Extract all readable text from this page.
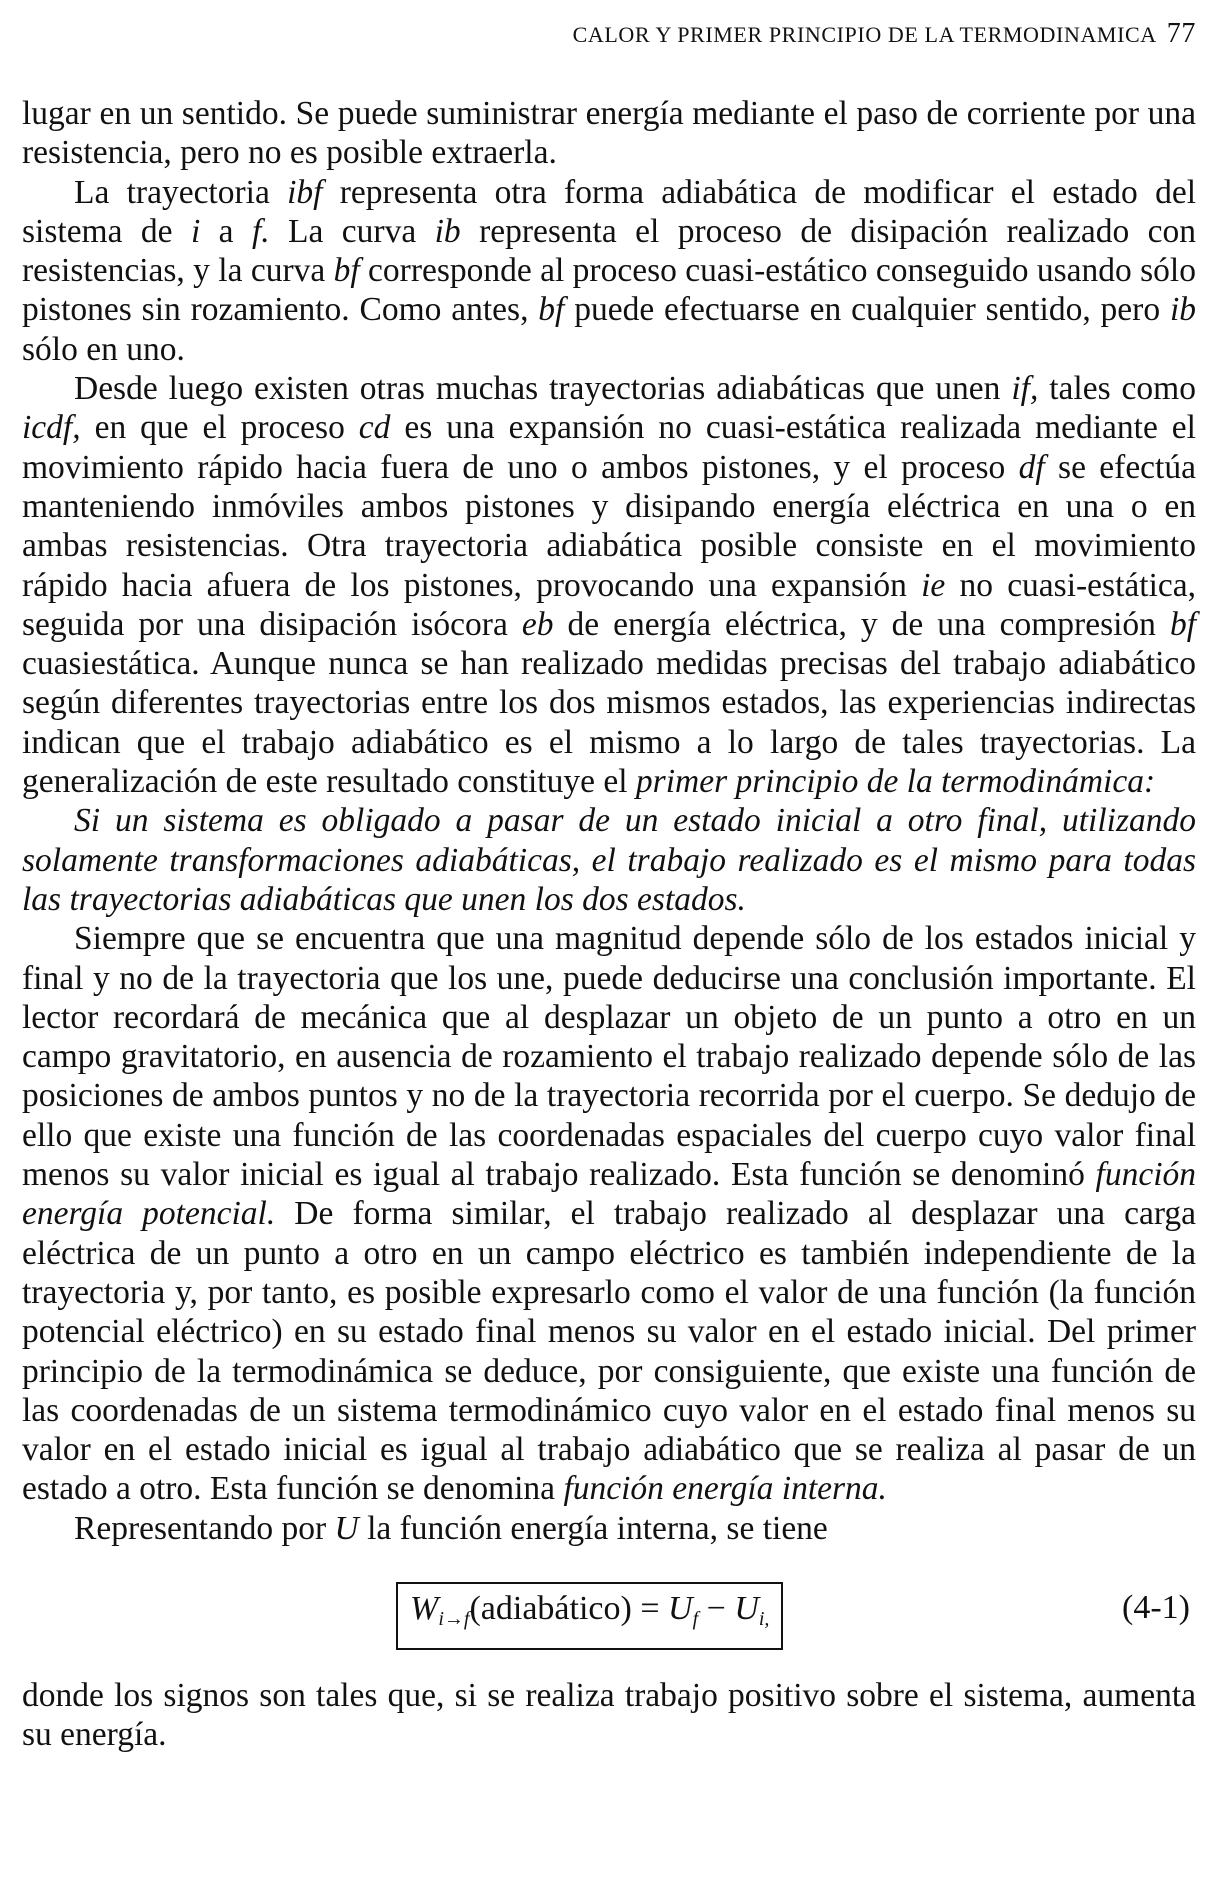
CALOR Y PRIMER PRINCIPIO DE LA TERMODINAMICA 77

lugar en un sentido. Se puede suministrar energía mediante el paso de corriente por una resistencia, pero no es posible extraerla.

La trayectoria ibf representa otra forma adiabática de modificar el estado del sistema de i a f. La curva ib representa el proceso de disipación realizado con resistencias, y la curva bf corresponde al proceso cuasi-estático conseguido usando sólo pistones sin rozamiento. Como antes, bf puede efectuarse en cualquier sentido, pero ib sólo en uno.

Desde luego existen otras muchas trayectorias adiabáticas que unen if, tales como icdf, en que el proceso cd es una expansión no cuasi-estática realizada mediante el movimiento rápido hacia fuera de uno o ambos pistones, y el proceso df se efectúa manteniendo inmóviles ambos pistones y disipando energía eléctrica en una o en ambas resistencias. Otra trayectoria adiabática posible consiste en el movimiento rápido hacia afuera de los pistones, provocando una expansión ie no cuasi-estática, seguida por una disipación isócora eb de energía eléctrica, y de una compresión bf cuasiestática. Aunque nunca se han realizado medidas precisas del trabajo adiabático según diferentes trayectorias entre los dos mismos estados, las experiencias indirectas indican que el trabajo adiabático es el mismo a lo largo de tales trayectorias. La generalización de este resultado constituye el primer principio de la termodinámica:

Si un sistema es obligado a pasar de un estado inicial a otro final, utilizando solamente transformaciones adiabáticas, el trabajo realizado es el mismo para todas las trayectorias adiabáticas que unen los dos estados.

Siempre que se encuentra que una magnitud depende sólo de los estados inicial y final y no de la trayectoria que los une, puede deducirse una conclusión importante. El lector recordará de mecánica que al desplazar un objeto de un punto a otro en un campo gravitatorio, en ausencia de rozamiento el trabajo realizado depende sólo de las posiciones de ambos puntos y no de la trayectoria recorrida por el cuerpo. Se dedujo de ello que existe una función de las coordenadas espaciales del cuerpo cuyo valor final menos su valor inicial es igual al trabajo realizado. Esta función se denominó función energía potencial. De forma similar, el trabajo realizado al desplazar una carga eléctrica de un punto a otro en un campo eléctrico es también independiente de la trayectoria y, por tanto, es posible expresarlo como el valor de una función (la función potencial eléctrico) en su estado final menos su valor en el estado inicial. Del primer principio de la termodinámica se deduce, por consiguiente, que existe una función de las coordenadas de un sistema termodinámico cuyo valor en el estado final menos su valor en el estado inicial es igual al trabajo adiabático que se realiza al pasar de un estado a otro. Esta función se denomina función energía interna.

Representando por U la función energía interna, se tiene

$W_{i\to f}(adiabático) = U_f - U_{i,}$	(4-1)

donde los signos son tales que, si se realiza trabajo positivo sobre el sistema, aumenta su energía.
